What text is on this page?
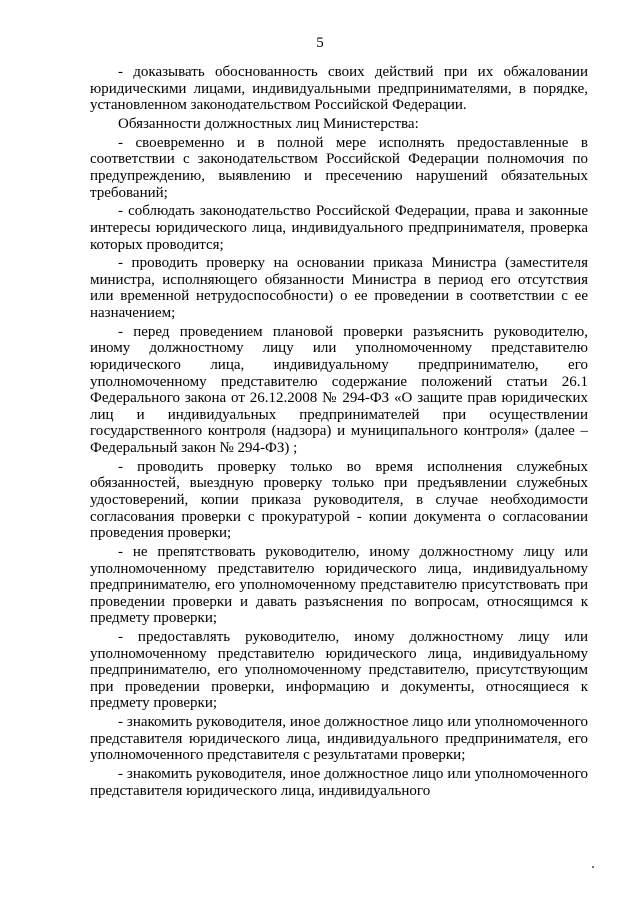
5

- доказывать обоснованность своих действий при их обжаловании юридическими лицами, индивидуальными предпринимателями, в порядке, установленном законодательством Российской Федерации.

Обязанности должностных лиц Министерства:

- своевременно и в полной мере исполнять предоставленные в соответствии с законодательством Российской Федерации полномочия по предупреждению, выявлению и пресечению нарушений обязательных требований;

- соблюдать законодательство Российской Федерации, права и законные интересы юридического лица, индивидуального предпринимателя, проверка которых проводится;

- проводить проверку на основании приказа Министра (заместителя министра, исполняющего обязанности Министра в период его отсутствия или временной нетрудоспособности) о ее проведении в соответствии с ее назначением;

- перед проведением плановой проверки разъяснить руководителю, иному должностному лицу или уполномоченному представителю юридического лица, индивидуальному предпринимателю, его уполномоченному представителю содержание положений статьи 26.1 Федерального закона от 26.12.2008 № 294-ФЗ «О защите прав юридических лиц и индивидуальных предпринимателей при осуществлении государственного контроля (надзора) и муниципального контроля» (далее – Федеральный закон № 294-ФЗ) ;

- проводить проверку только во время исполнения служебных обязанностей, выездную проверку только при предъявлении служебных удостоверений, копии приказа руководителя, в случае необходимости согласования проверки с прокуратурой - копии документа о согласовании проведения проверки;

- не препятствовать руководителю, иному должностному лицу или уполномоченному представителю юридического лица, индивидуальному предпринимателю, его уполномоченному представителю присутствовать при проведении проверки и давать разъяснения по вопросам, относящимся к предмету проверки;

- предоставлять руководителю, иному должностному лицу или уполномоченному представителю юридического лица, индивидуальному предпринимателю, его уполномоченному представителю, присутствующим при проведении проверки, информацию и документы, относящиеся к предмету проверки;

- знакомить руководителя, иное должностное лицо или уполномоченного представителя юридического лица, индивидуального предпринимателя, его уполномоченного представителя с результатами проверки;

- знакомить руководителя, иное должностное лицо или уполномоченного представителя юридического лица, индивидуального
